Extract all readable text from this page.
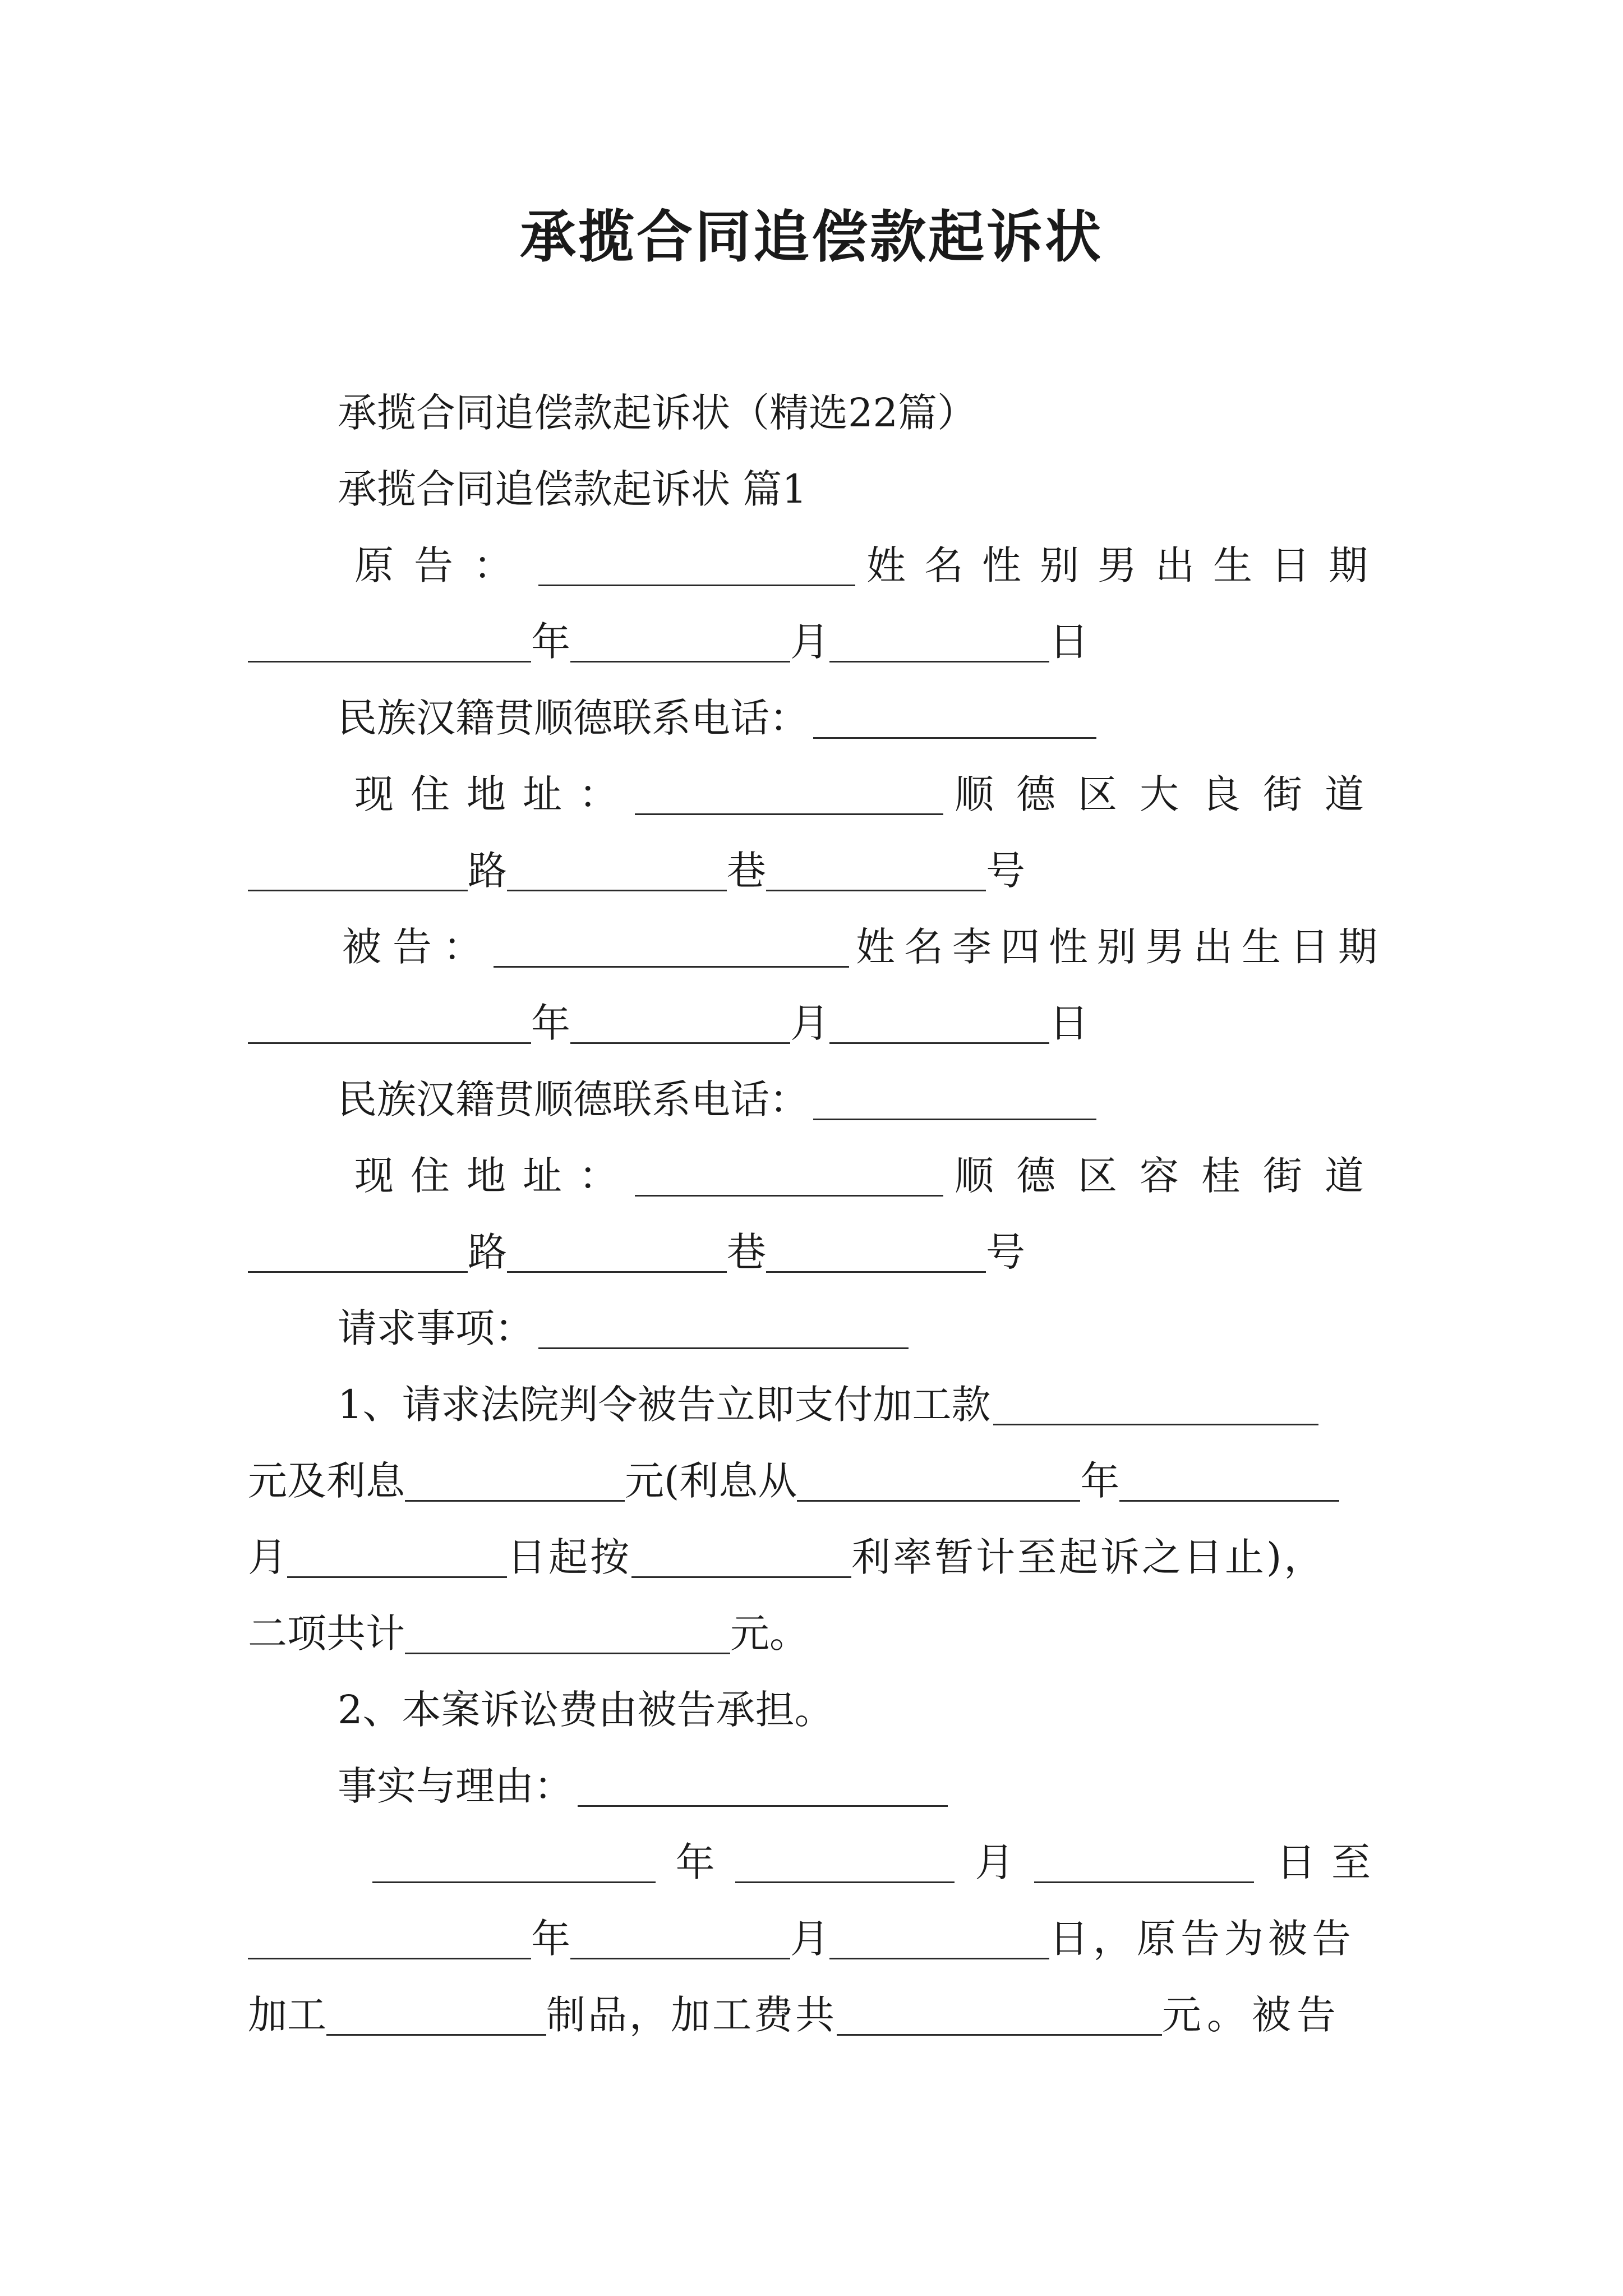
承揽合同追偿款起诉状
承揽合同追偿款起诉状（精选22篇）
承揽合同追偿款起诉状 篇1
原告：	姓名性别男出生日期
年	月	日
民族汉籍贯顺德联系电话：
现住地址：	顺德区大良街道
路	巷	号
被告：	姓名李四性别男出生日期
年	月	日
民族汉籍贯顺德联系电话：
现住地址：	顺德区容桂街道
路	巷	号
请求事项：
1、请求法院判令被告立即支付加工款
元及利息	元(利息从	年
月	日起按	利率暂计至起诉之日止)，
二项共计	元。
2、本案诉讼费由被告承担。
事实与理由：
年	月	日至
年	月	日，原告为被告
加工	制品，加工费共	元。被告
